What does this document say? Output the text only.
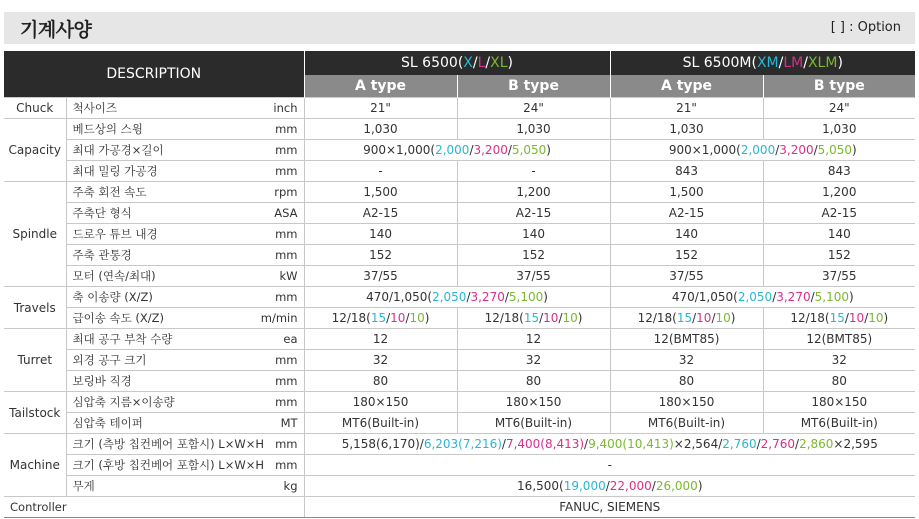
기계사양	[ ] : Option
DESCRIPTION			SL 6500(X/L/XL)		SL 6500M(XM/LM/XLM)	
			A type	B type	A type	B type
Chuck	척사이즈	inch	21"	24"	21"	24"
Capacity	베드상의 스윙	mm	1,030	1,030	1,030	1,030
	최대 가공경×길이	mm	900×1,000(2,000/3,200/5,050)		900×1,000(2,000/3,200/5,050)	
	최대 밀링 가공경	mm	-	-	843	843
Spindle	주축 회전 속도	rpm	1,500	1,200	1,500	1,200
	주축단 형식	ASA	A2-15	A2-15	A2-15	A2-15
	드로우 튜브 내경	mm	140	140	140	140
	주축 관통경	mm	152	152	152	152
	모터 (연속/최대)	kW	37/55	37/55	37/55	37/55
Travels	축 이송량 (X/Z)	mm	470/1,050(2,050/3,270/5,100)		470/1,050(2,050/3,270/5,100)	
	급이송 속도 (X/Z)	m/min	12/18(15/10/10)	12/18(15/10/10)	12/18(15/10/10)	12/18(15/10/10)
Turret	최대 공구 부착 수량	ea	12	12	12(BMT85)	12(BMT85)
	외경 공구 크기	mm	32	32	32	32
	보링바 직경	mm	80	80	80	80
Tailstock	심압축 지름×이송량	mm	180×150	180×150	180×150	180×150
	심압축 테이퍼	MT	MT6(Built-in)	MT6(Built-in)	MT6(Built-in)	MT6(Built-in)
Machine	크기 (측방 칩컨베어 포함시) L×W×H	mm	5,158(6,170)/6,203(7,216)/7,400(8,413)/9,400(10,413)×2,564/2,760/2,760/2,860×2,595			
	크기 (후방 칩컨베어 포함시) L×W×H	mm	-			
	무게	kg	16,500(19,000/22,000/26,000)			
Controller			FANUC, SIEMENS			
